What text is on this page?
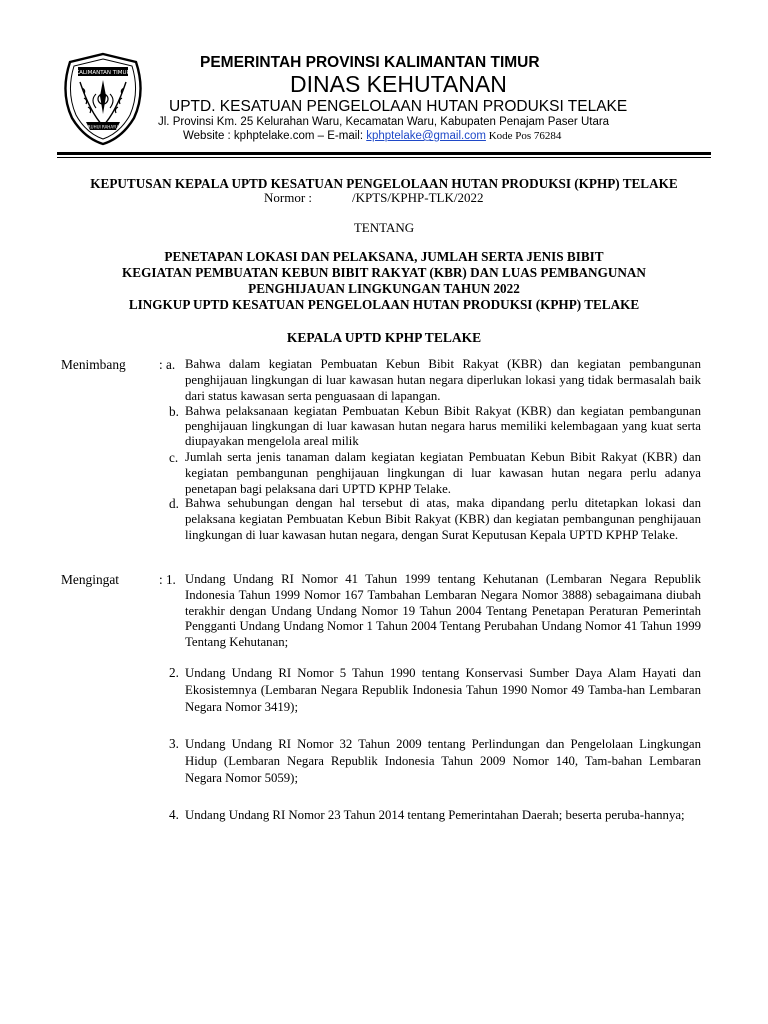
KALIMANTAN TIMUR
RUHUI RAHAYU
PEMERINTAH PROVINSI KALIMANTAN TIMUR
DINAS KEHUTANAN
UPTD. KESATUAN PENGELOLAAN HUTAN PRODUKSI TELAKE
Jl. Provinsi Km. 25 Kelurahan Waru, Kecamatan Waru, Kabupaten Penajam Paser Utara
Website : kphptelake.com – E-mail: kphptelake@gmail.com Kode Pos 76284
KEPUTUSAN KEPALA UPTD KESATUAN PENGELOLAAN HUTAN PRODUKSI (KPHP) TELAKE
Normor :	/KPTS/KPHP-TLK/2022
TENTANG
PENETAPAN LOKASI DAN PELAKSANA, JUMLAH SERTA JENIS BIBIT
KEGIATAN PEMBUATAN KEBUN BIBIT RAKYAT (KBR) DAN LUAS PEMBANGUNAN
PENGHIJAUAN LINGKUNGAN TAHUN 2022
LINGKUP UPTD KESATUAN PENGELOLAAN HUTAN PRODUKSI (KPHP) TELAKE
KEPALA UPTD KPHP TELAKE
Menimbang	: a. Bahwa dalam kegiatan Pembuatan Kebun Bibit Rakyat (KBR) dan kegiatan pembangunan penghijauan lingkungan di luar kawasan hutan negara diperlukan lokasi yang tidak bermasalah baik dari status kawasan serta penguasaan di lapangan.
b. Bahwa pelaksanaan kegiatan Pembuatan Kebun Bibit Rakyat (KBR) dan kegiatan pembangunan penghijauan lingkungan di luar kawasan hutan negara harus memiliki kelembagaan yang kuat serta diupayakan mengelola areal milik
c. Jumlah serta jenis tanaman dalam kegiatan kegiatan Pembuatan Kebun Bibit Rakyat (KBR) dan kegiatan pembangunan penghijauan lingkungan di luar kawasan hutan negara perlu adanya penetapan bagi pelaksana dari UPTD KPHP Telake.
d. Bahwa sehubungan dengan hal tersebut di atas, maka dipandang perlu ditetapkan lokasi dan pelaksana kegiatan Pembuatan Kebun Bibit Rakyat (KBR) dan kegiatan pembangunan penghijauan lingkungan di luar kawasan hutan negara, dengan Surat Keputusan Kepala UPTD KPHP Telake.
Mengingat	: 1. Undang Undang RI Nomor 41 Tahun 1999 tentang Kehutanan (Lembaran Negara Republik Indonesia Tahun 1999 Nomor 167 Tambahan Lembaran Negara Nomor 3888) sebagaimana diubah terakhir dengan Undang Undang Nomor 19 Tahun 2004 Tentang Penetapan Peraturan Pemerintah Pengganti Undang Undang Nomor 1 Tahun 2004 Tentang Perubahan Undang Nomor 41 Tahun 1999 Tentang Kehutanan;
2. Undang Undang RI Nomor 5 Tahun 1990 tentang Konservasi Sumber Daya Alam Hayati dan Ekosistemnya (Lembaran Negara Republik Indonesia Tahun 1990 Nomor 49 Tamba-han Lembaran Negara Nomor 3419);
3. Undang Undang RI Nomor 32 Tahun 2009 tentang Perlindungan dan Pengelolaan Lingkungan Hidup (Lembaran Negara Republik Indonesia Tahun 2009 Nomor 140, Tam-bahan Lembaran Negara Nomor 5059);
4. Undang Undang RI Nomor 23 Tahun 2014 tentang Pemerintahan Daerah; beserta peruba-hannya;
